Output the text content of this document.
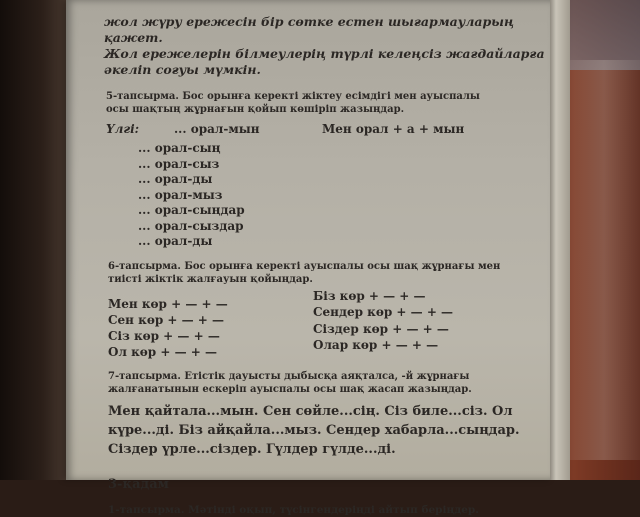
жол жүру ережесін бір сөтке естен шығармауларың қажет.

Жол ережелерін білмеулерің түрлі келеңсіз жағдайларға

әкеліп соғуы мүмкін.

5-тапсырма. Бос орынға керекті жіктеу есімдігі мен ауыспалы

осы шақтың жұрнағын қойып көшіріп жазыңдар.

Үлгі:	... орал-мын	Мен орал + а + мын
... орал-сың
... орал-сыз
... орал-ды
... орал-мыз
... орал-сыңдар
... орал-сыздар
... орал-ды

6-тапсырма. Бос орынға керекті ауыспалы осы шақ жұрнағы мен

тиісті жіктік жалғауын қойыңдар.

Мен көр + — + —
Сен көр + — + —
Сіз көр + — + —
Ол көр + — + —
Біз көр + — + —
Сендер көр + — + —
Сіздер көр + — + —
Олар көр + — + —

7-тапсырма. Етістік дауысты дыбысқа аяқталса, -й жұрнағы

жалғанатынын ескеріп ауыспалы осы шақ жасап жазыңдар.

Мен қайтала...мын. Сен сөйле...сің. Сіз биле...сіз. Ол

күре...ді. Біз айқайла...мыз. Сендер хабарла...сыңдар.

Сіздер үрле...сіздер. Гүлдер гүлде...ді.

3-қадам

1-тапсырма. Мәтінді оқып, түсінгендеріңді айтып беріңдер.
